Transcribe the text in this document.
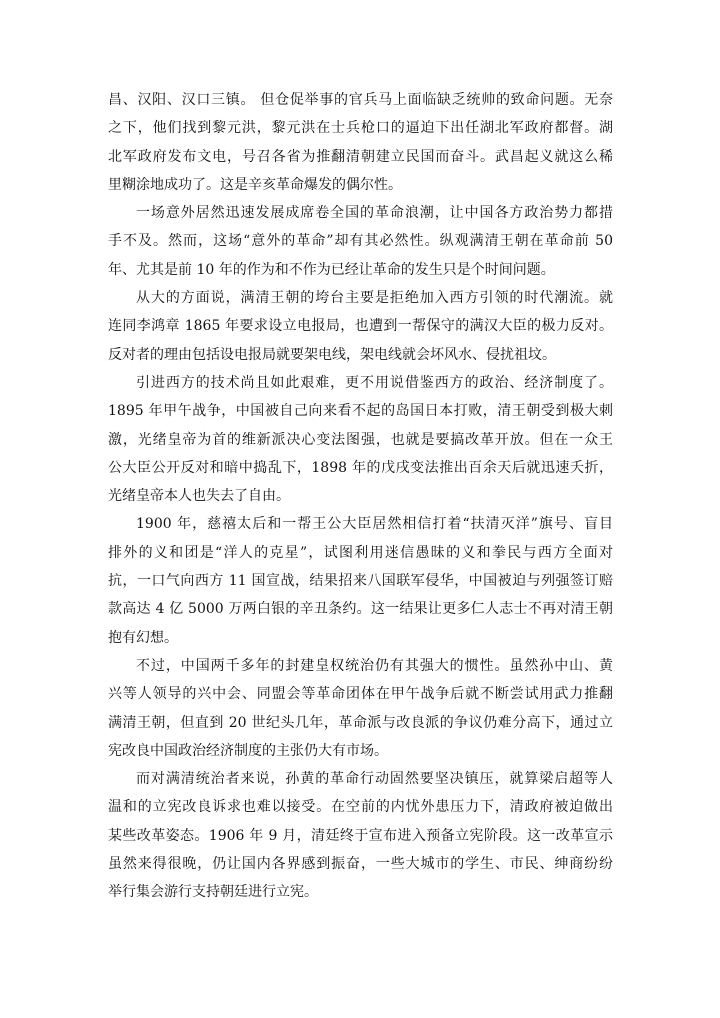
昌、汉阳、汉口三镇。 但仓促举事的官兵马上面临缺乏统帅的致命问题。无奈
之下，他们找到黎元洪，黎元洪在士兵枪口的逼迫下出任湖北军政府都督。湖
北军政府发布文电，号召各省为推翻清朝建立民国而奋斗。武昌起义就这么稀
里糊涂地成功了。这是辛亥革命爆发的偶尔性。
一场意外居然迅速发展成席卷全国的革命浪潮，让中国各方政治势力都措
手不及。然而，这场“意外的革命”却有其必然性。纵观满清王朝在革命前 50
年、尤其是前 10 年的作为和不作为已经让革命的发生只是个时间问题。
从大的方面说，满清王朝的垮台主要是拒绝加入西方引领的时代潮流。就
连同李鸿章 1865 年要求设立电报局，也遭到一帮保守的满汉大臣的极力反对。
反对者的理由包括设电报局就要架电线，架电线就会坏风水、侵扰祖坟。
引进西方的技术尚且如此艰难，更不用说借鉴西方的政治、经济制度了。
1895 年甲午战争，中国被自己向来看不起的岛国日本打败，清王朝受到极大刺
激，光绪皇帝为首的维新派决心变法图强，也就是要搞改革开放。但在一众王
公大臣公开反对和暗中捣乱下，1898 年的戊戌变法推出百余天后就迅速夭折，
光绪皇帝本人也失去了自由。
1900 年，慈禧太后和一帮王公大臣居然相信打着“扶清灭洋”旗号、盲目
排外的义和团是“洋人的克星”，试图利用迷信愚昧的义和拳民与西方全面对
抗，一口气向西方 11 国宣战，结果招来八国联军侵华，中国被迫与列强签订赔
款高达 4 亿 5000 万两白银的辛丑条约。这一结果让更多仁人志士不再对清王朝
抱有幻想。
不过，中国两千多年的封建皇权统治仍有其强大的惯性。虽然孙中山、黄
兴等人领导的兴中会、同盟会等革命团体在甲午战争后就不断尝试用武力推翻
满清王朝，但直到 20 世纪头几年，革命派与改良派的争议仍难分高下，通过立
宪改良中国政治经济制度的主张仍大有市场。
而对满清统治者来说，孙黄的革命行动固然要坚决镇压，就算梁启超等人
温和的立宪改良诉求也难以接受。在空前的内忧外患压力下，清政府被迫做出
某些改革姿态。1906 年 9 月，清廷终于宣布进入预备立宪阶段。这一改革宣示
虽然来得很晚，仍让国内各界感到振奋，一些大城市的学生、市民、绅商纷纷
举行集会游行支持朝廷进行立宪。
